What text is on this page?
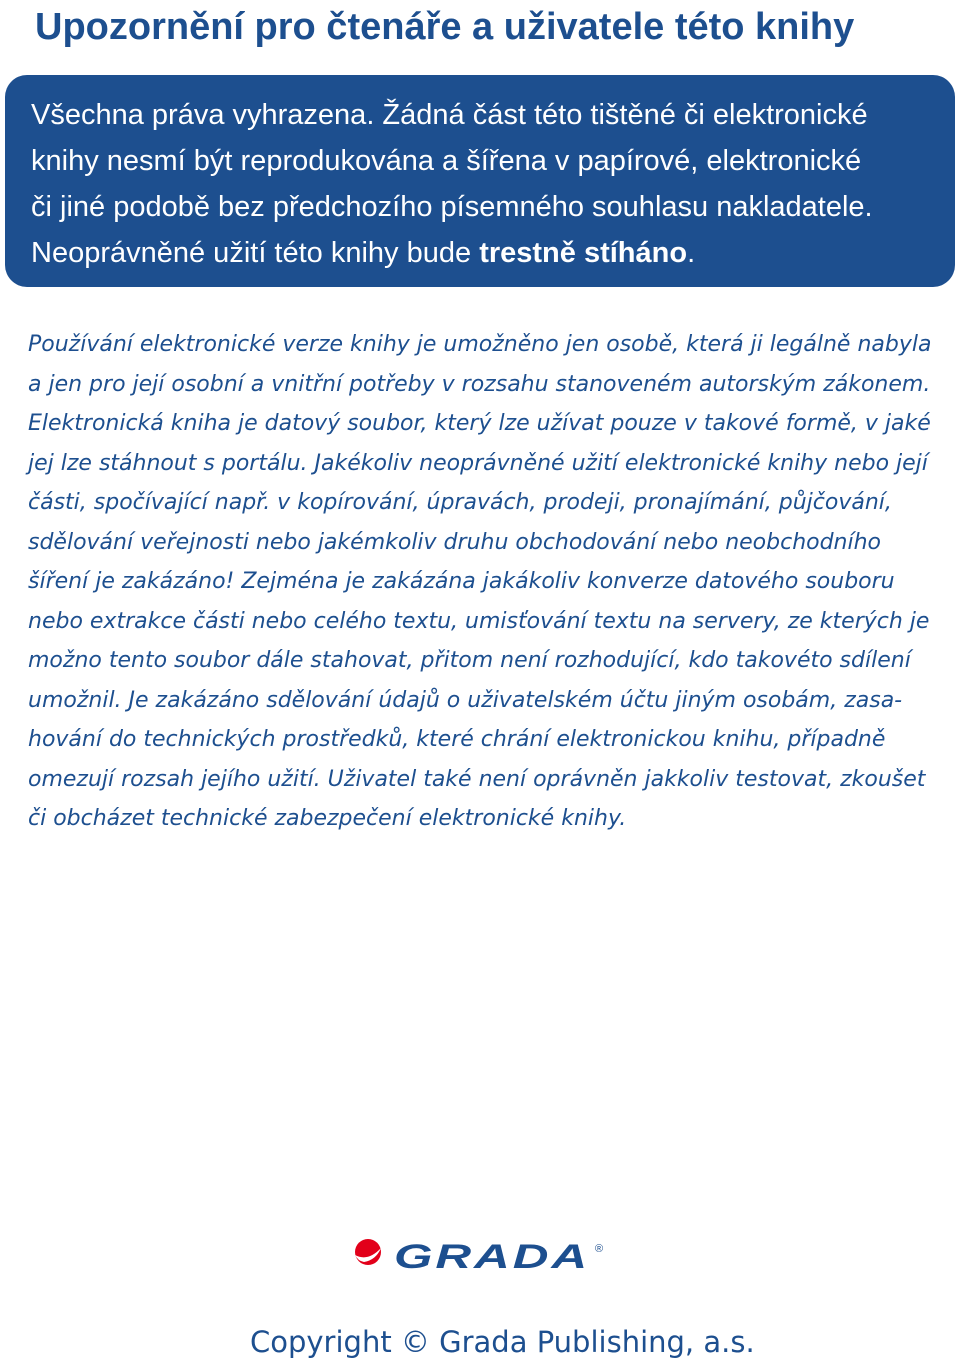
Upozornění pro čtenáře a uživatele této knihy

Všechna práva vyhrazena. Žádná část této tištěné či elektronické

knihy nesmí být reprodukována a šířena v papírové, elektronické

či jiné podobě bez předchozího písemného souhlasu nakladatele.

Neoprávněné užití této knihy bude trestně stíháno.

Používání elektronické verze knihy je umožněno jen osobě, která ji legálně nabyla

a jen pro její osobní a vnitřní potřeby v rozsahu stanoveném autorským zákonem.

Elektronická kniha je datový soubor, který lze užívat pouze v takové formě, v jaké

jej lze stáhnout s portálu. Jakékoliv neoprávněné užití elektronické knihy nebo její

části, spočívající např. v kopírování, úpravách, prodeji, pronajímání, půjčování,

sdělování veřejnosti nebo jakémkoliv druhu obchodování nebo neobchodního

šíření je zakázáno! Zejména je zakázána jakákoliv konverze datového souboru

nebo extrakce části nebo celého textu, umisťování textu na servery, ze kterých je

možno tento soubor dále stahovat, přitom není rozhodující, kdo takovéto sdílení

umožnil. Je zakázáno sdělování údajů o uživatelském účtu jiným osobám, zasa-

hování do technických prostředků, které chrání elektronickou knihu, případně

omezují rozsah jejího užití. Uživatel také není oprávněn jakkoliv testovat, zkoušet

či obcházet technické zabezpečení elektronické knihy.

GRADA ®

Copyright © Grada Publishing, a.s.
